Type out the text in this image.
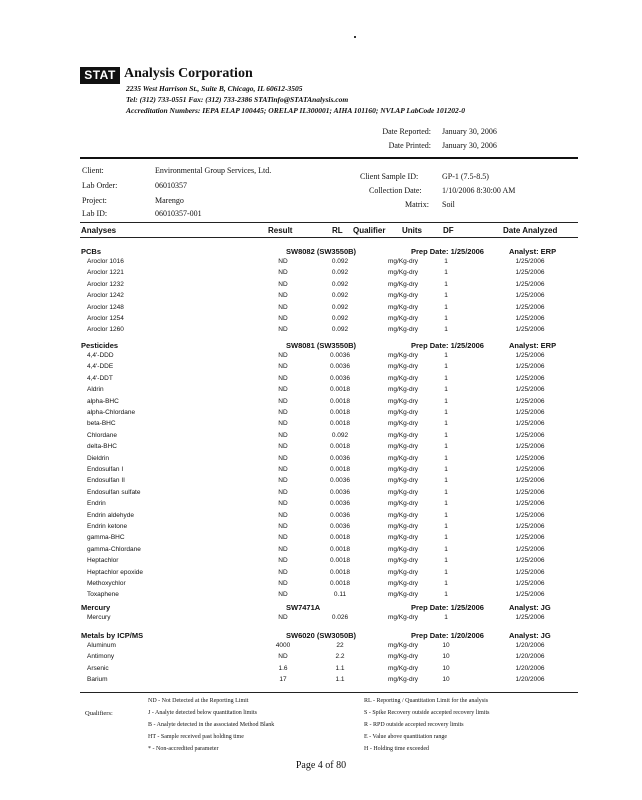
STAT Analysis Corporation
2235 West Harrison St., Suite B, Chicago, IL 60612-3505
Tel: (312) 733-0551 Fax: (312) 733-2386 STATinfo@STATAnalysis.com
Accreditation Numbers: IEPA ELAP 100445; ORELAP IL300001; AIHA 101160; NVLAP LabCode 101202-0
Date Reported: January 30, 2006
Date Printed: January 30, 2006
Client:	Environmental Group Services, Ltd.
Lab Order:	06010357
Project:	Marengo
Lab ID:	06010357-001
Client Sample ID:	GP-1 (7.5-8.5)
Collection Date:	1/10/2006 8:30:00 AM
Matrix: Soil
Analyses	Result	RL Qualifier Units	DF	Date Analyzed
PCBs	SW8082 (SW3550B)	Prep Date: 1/25/2006	Analyst: ERP
Aroclor 1016	ND	0.092	mg/Kg-dry	1	1/25/2006
Aroclor 1221	ND	0.092	mg/Kg-dry	1	1/25/2006
Aroclor 1232	ND	0.092	mg/Kg-dry	1	1/25/2006
Aroclor 1242	ND	0.092	mg/Kg-dry	1	1/25/2006
Aroclor 1248	ND	0.092	mg/Kg-dry	1	1/25/2006
Aroclor 1254	ND	0.092	mg/Kg-dry	1	1/25/2006
Aroclor 1260	ND	0.092	mg/Kg-dry	1	1/25/2006
Pesticides	SW8081 (SW3550B)	Prep Date: 1/25/2006	Analyst: ERP
4,4'-DDD	ND	0.0036	mg/Kg-dry	1	1/25/2006
4,4'-DDE	ND	0.0036	mg/Kg-dry	1	1/25/2006
4,4'-DDT	ND	0.0036	mg/Kg-dry	1	1/25/2006
Aldrin	ND	0.0018	mg/Kg-dry	1	1/25/2006
alpha-BHC	ND	0.0018	mg/Kg-dry	1	1/25/2006
alpha-Chlordane	ND	0.0018	mg/Kg-dry	1	1/25/2006
beta-BHC	ND	0.0018	mg/Kg-dry	1	1/25/2006
Chlordane	ND	0.092	mg/Kg-dry	1	1/25/2006
delta-BHC	ND	0.0018	mg/Kg-dry	1	1/25/2006
Dieldrin	ND	0.0036	mg/Kg-dry	1	1/25/2006
Endosulfan I	ND	0.0018	mg/Kg-dry	1	1/25/2006
Endosulfan II	ND	0.0036	mg/Kg-dry	1	1/25/2006
Endosulfan sulfate	ND	0.0036	mg/Kg-dry	1	1/25/2006
Endrin	ND	0.0036	mg/Kg-dry	1	1/25/2006
Endrin aldehyde	ND	0.0036	mg/Kg-dry	1	1/25/2006
Endrin ketone	ND	0.0036	mg/Kg-dry	1	1/25/2006
gamma-BHC	ND	0.0018	mg/Kg-dry	1	1/25/2006
gamma-Chlordane	ND	0.0018	mg/Kg-dry	1	1/25/2006
Heptachlor	ND	0.0018	mg/Kg-dry	1	1/25/2006
Heptachlor epoxide	ND	0.0018	mg/Kg-dry	1	1/25/2006
Methoxychlor	ND	0.0018	mg/Kg-dry	1	1/25/2006
Toxaphene	ND	0.11	mg/Kg-dry	1	1/25/2006
Mercury	SW7471A	Prep Date: 1/25/2006	Analyst: JG
Mercury	ND	0.026	mg/Kg-dry	1	1/25/2006
Metals by ICP/MS	SW6020 (SW3050B)	Prep Date: 1/20/2006	Analyst: JG
Aluminum	4000	22	mg/Kg-dry	10	1/20/2006
Antimony	ND	2.2	mg/Kg-dry	10	1/20/2006
Arsenic	1.6	1.1	mg/Kg-dry	10	1/20/2006
Barium	17	1.1	mg/Kg-dry	10	1/20/2006
Qualifiers:
ND - Not Detected at the Reporting Limit
J - Analyte detected below quantitation limits
B - Analyte detected in the associated Method Blank
HT - Sample received past holding time
* - Non-accredited parameter
RL - Reporting / Quantitation Limit for the analysis
S - Spike Recovery outside accepted recovery limits
R - RPD outside accepted recovery limits
E - Value above quantitation range
H - Holding time exceeded
Page 4 of 80
